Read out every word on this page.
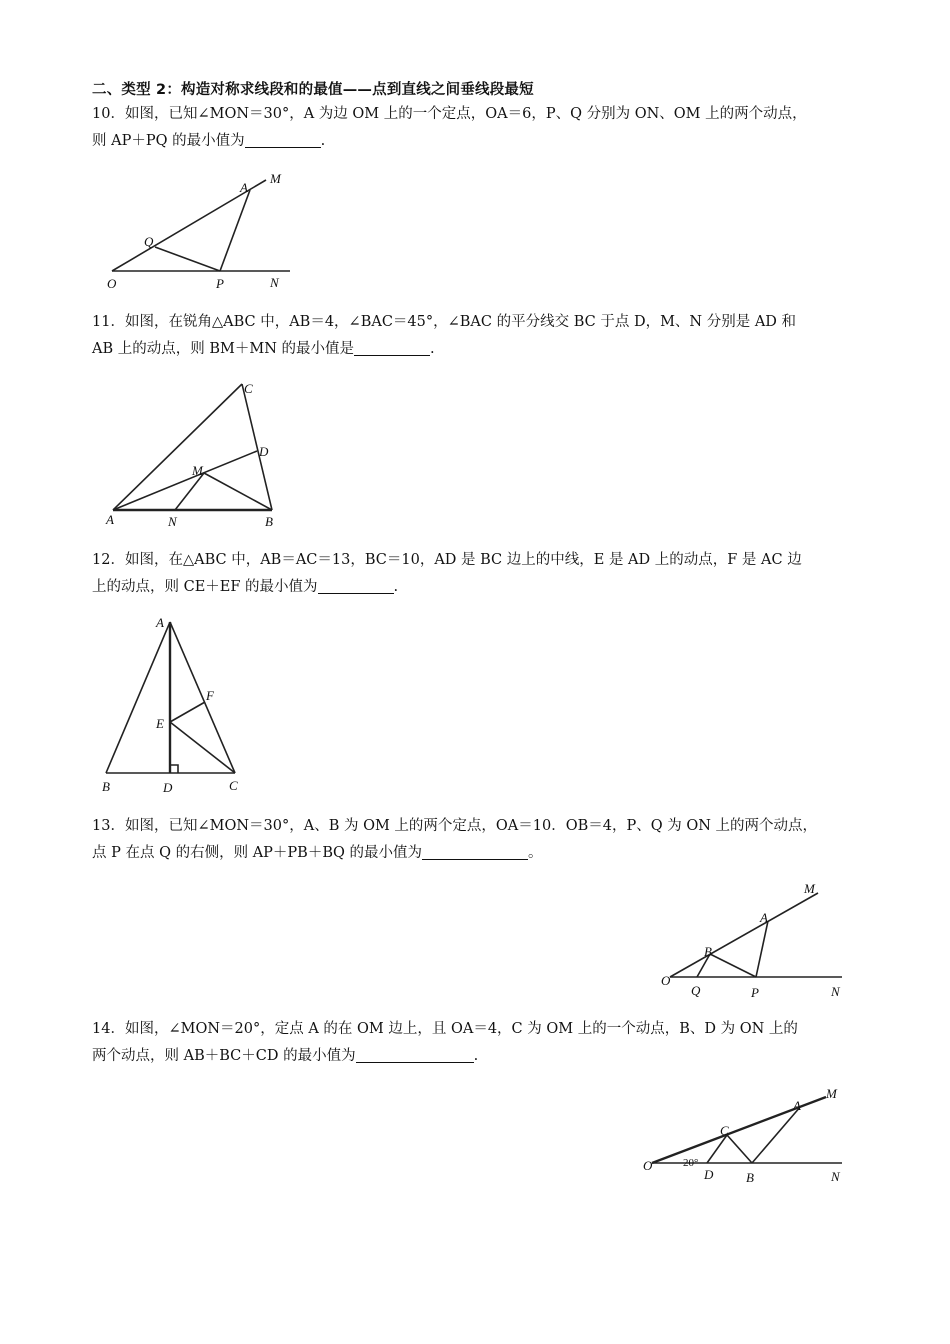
二、类型 2：构造对称求线段和的最值——点到直线之间垂线段最短
10．如图，已知∠MON＝30°，A 为边 OM 上的一个定点，OA＝6，P、Q 分别为 ON、OM 上的两个动点，
则 AP＋PQ 的最小值为	.
A
M
Q
O	P	N
11．如图，在锐角△ABC 中，AB＝4，∠BAC＝45°，∠BAC 的平分线交 BC 于点 D，M、N 分别是 AD 和
AB 上的动点，则 BM＋MN 的最小值是	.
C
D
M
A	N	B
12．如图，在△ABC 中，AB＝AC＝13，BC＝10，AD 是 BC 边上的中线，E 是 AD 上的动点，F 是 AC 边
上的动点，则 CE＋EF 的最小值为	.
A
F
E
B	D	C
13．如图，已知∠MON＝30°，A、B 为 OM 上的两个定点，OA＝10．OB＝4，P、Q 为 ON 上的两个动点，
点 P 在点 Q 的右侧，则 AP＋PB＋BQ 的最小值为	。
M
A
B
O
Q	P	N
14．如图，∠MON＝20°，定点 A 的在 OM 边上，且 OA＝4，C 为 OM 上的一个动点，B、D 为 ON 上的
两个动点，则 AB＋BC＋CD 的最小值为	.
M
A
C
O	20°
D	B	N
